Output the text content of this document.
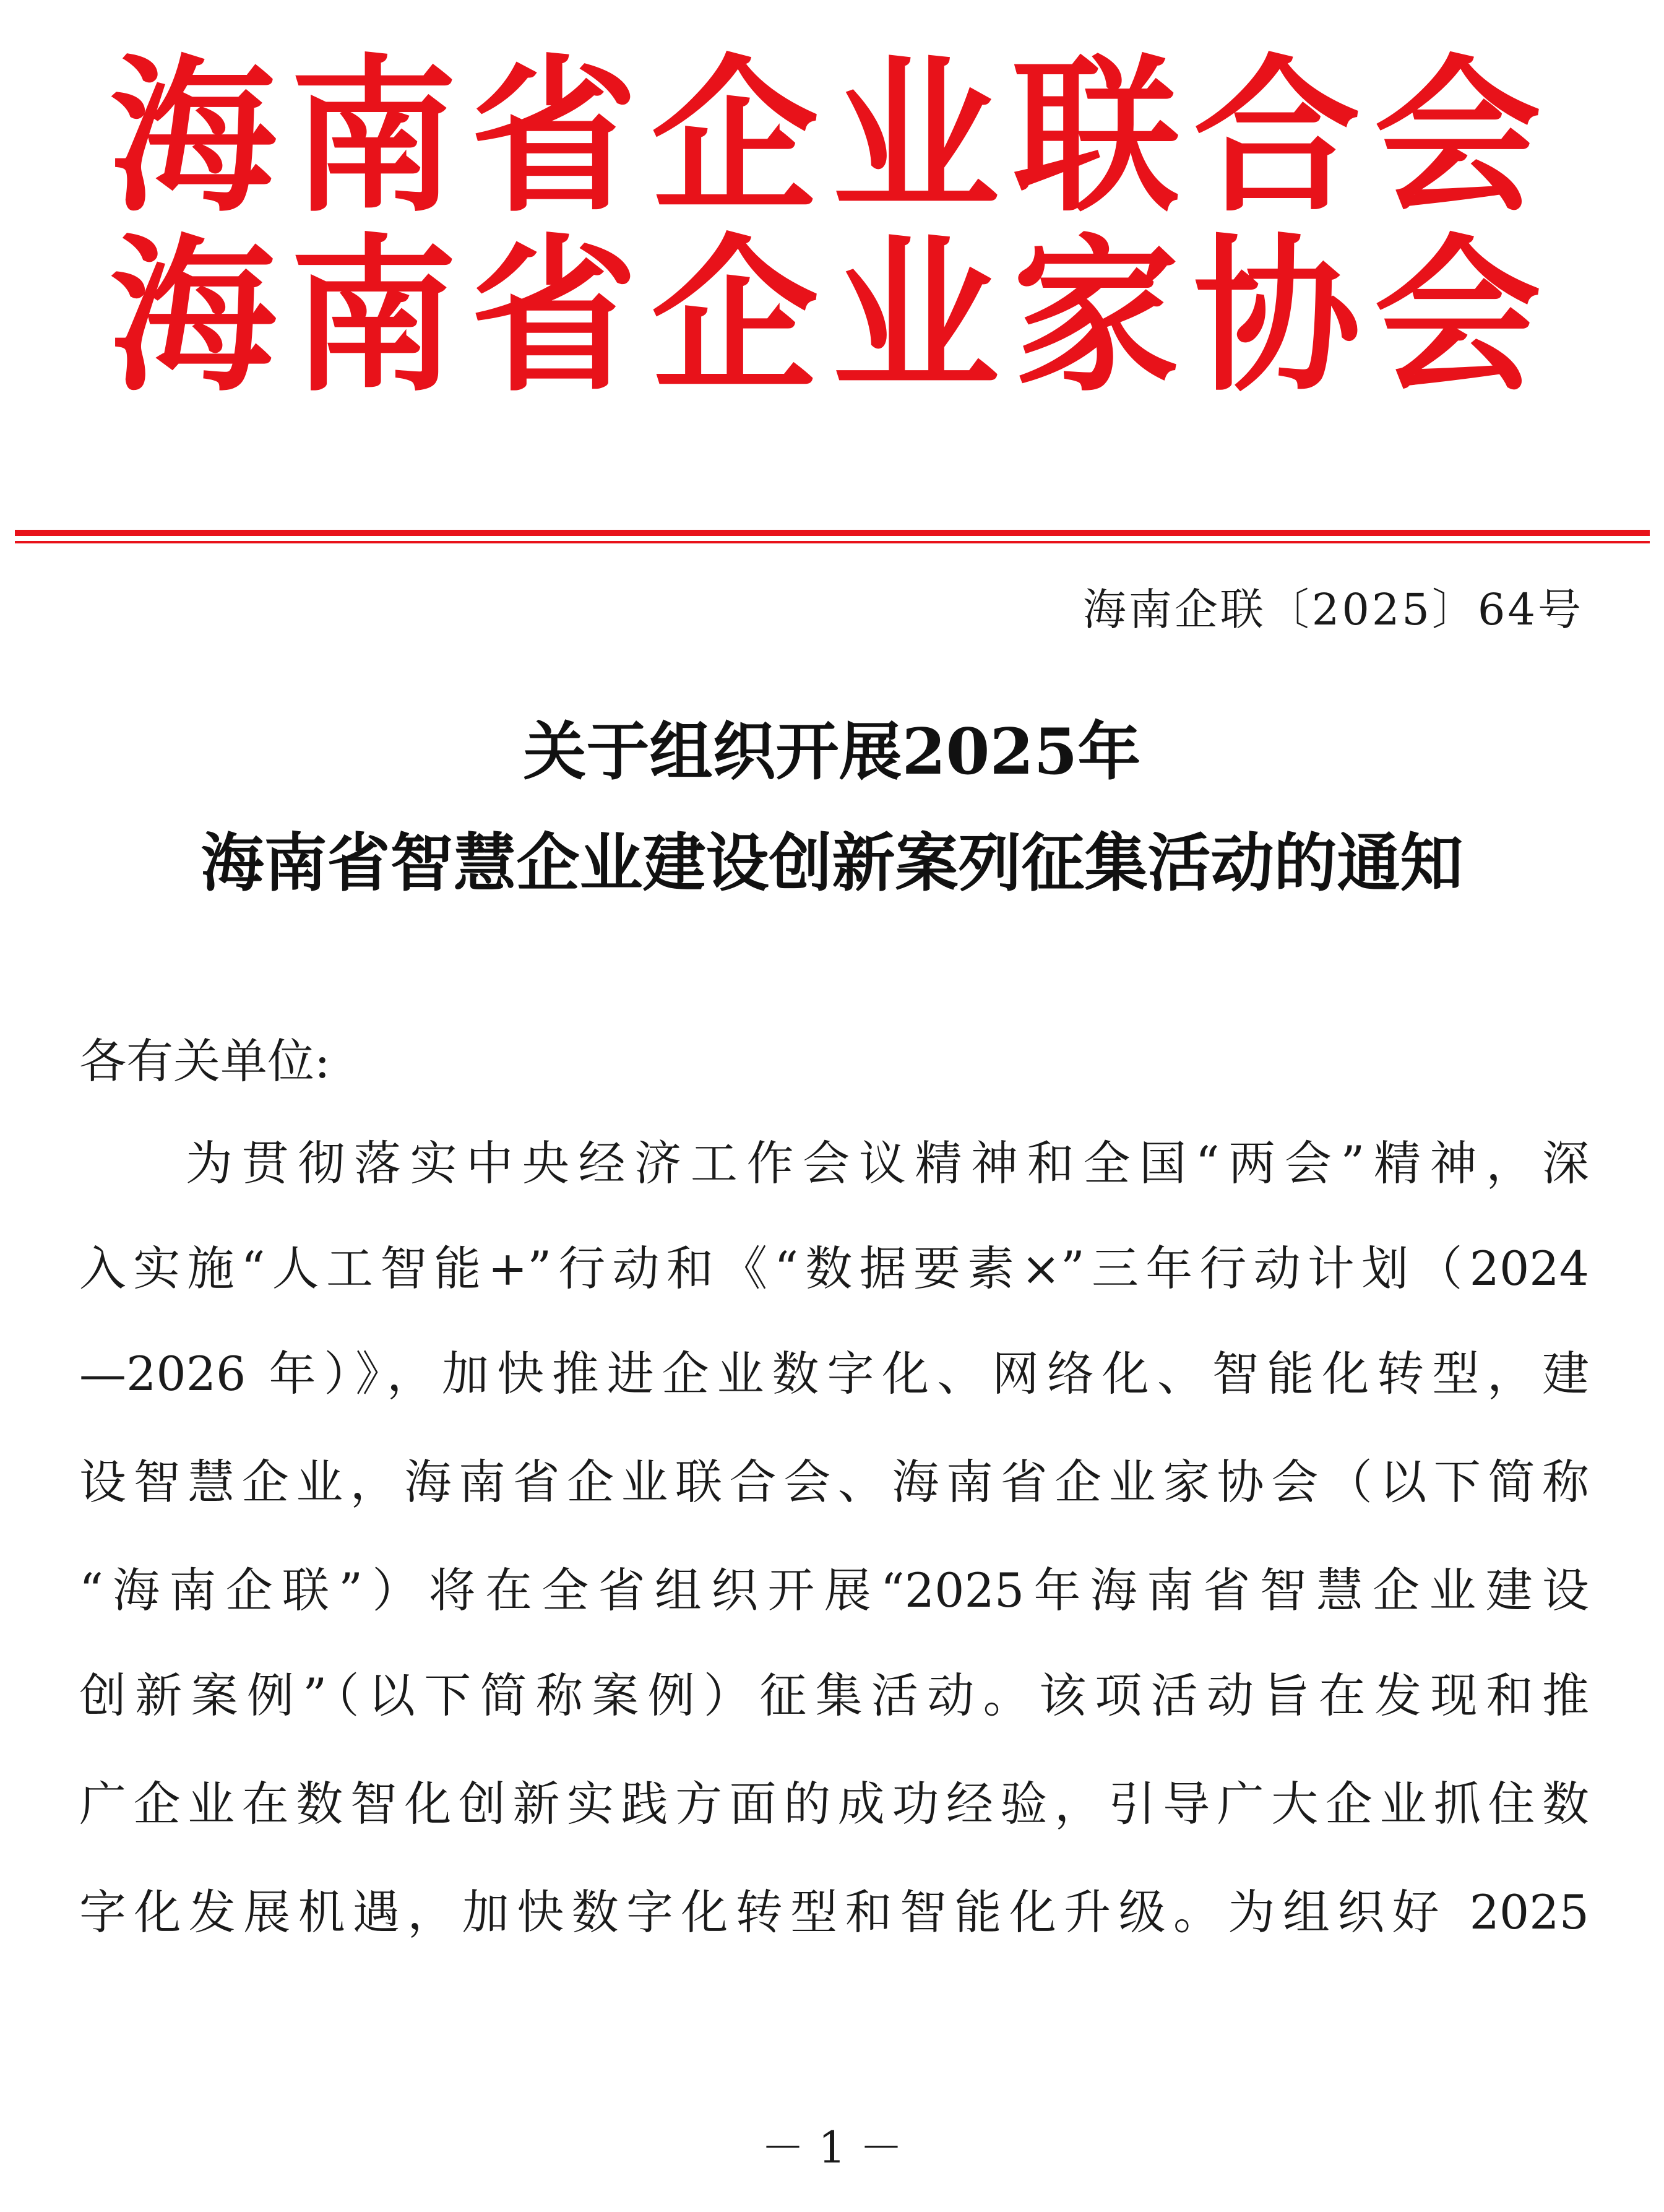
海南省企业联合会
海南省企业家协会
海南企联〔2025〕64号
关于组织开展2025年
海南省智慧企业建设创新案列征集活动的通知
各有关单位:
为贯彻落实中央经济工作会议精神和全国“两会”精神，深
入实施“人工智能+”行动和《“数据要素×”三年行动计划（2024
—2026 年）》，加快推进企业数字化、网络化、智能化转型，建
设智慧企业，海南省企业联合会、海南省企业家协会（以下简称
“海南企联”）将在全省组织开展“2025年海南省智慧企业建设
创新案例”（以下简称案例）征集活动。该项活动旨在发现和推
广企业在数智化创新实践方面的成功经验，引导广大企业抓住数
字化发展机遇，加快数字化转型和智能化升级。为组织好 2025
－ 1 －
